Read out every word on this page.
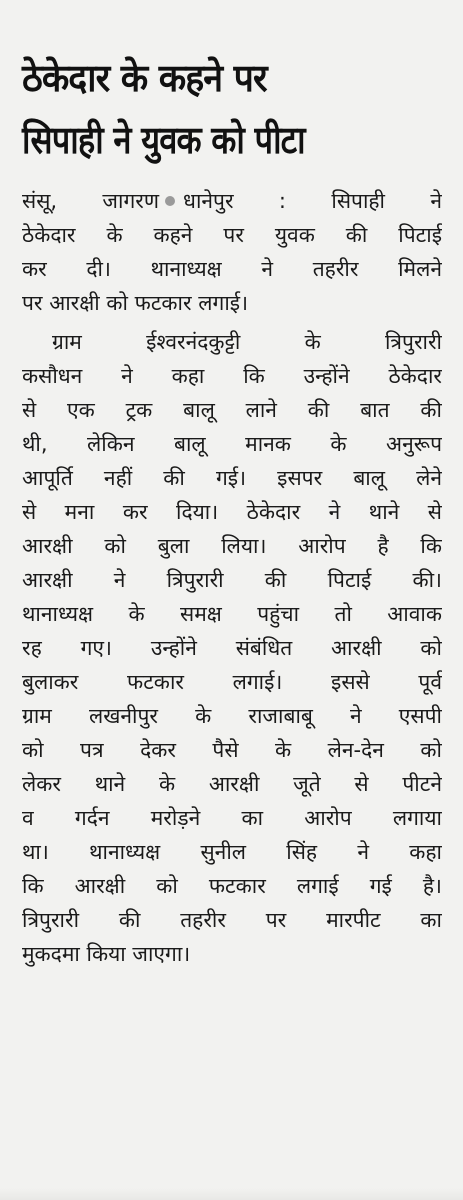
ठेकेदार के कहने पर
सिपाही ने युवक को पीटा
संसू, जागरण धानेपुर : सिपाही ने
ठेकेदार के कहने पर युवक की पिटाई
कर दी। थानाध्यक्ष ने तहरीर मिलने
पर आरक्षी को फटकार लगाई।
ग्राम ईश्वरनंदकुट्टी के त्रिपुरारी
कसौधन ने कहा कि उन्होंने ठेकेदार
से एक ट्रक बालू लाने की बात की
थी, लेकिन बालू मानक के अनुरूप
आपूर्ति नहीं की गई। इसपर बालू लेने
से मना कर दिया। ठेकेदार ने थाने से
आरक्षी को बुला लिया। आरोप है कि
आरक्षी ने त्रिपुरारी की पिटाई की।
थानाध्यक्ष के समक्ष पहुंचा तो आवाक
रह गए। उन्होंने संबंधित आरक्षी को
बुलाकर फटकार लगाई। इससे पूर्व
ग्राम लखनीपुर के राजाबाबू ने एसपी
को पत्र देकर पैसे के लेन-देन को
लेकर थाने के आरक्षी जूते से पीटने
व गर्दन मरोड़ने का आरोप लगाया
था। थानाध्यक्ष सुनील सिंह ने कहा
कि आरक्षी को फटकार लगाई गई है।
त्रिपुरारी की तहरीर पर मारपीट का
मुकदमा किया जाएगा।
